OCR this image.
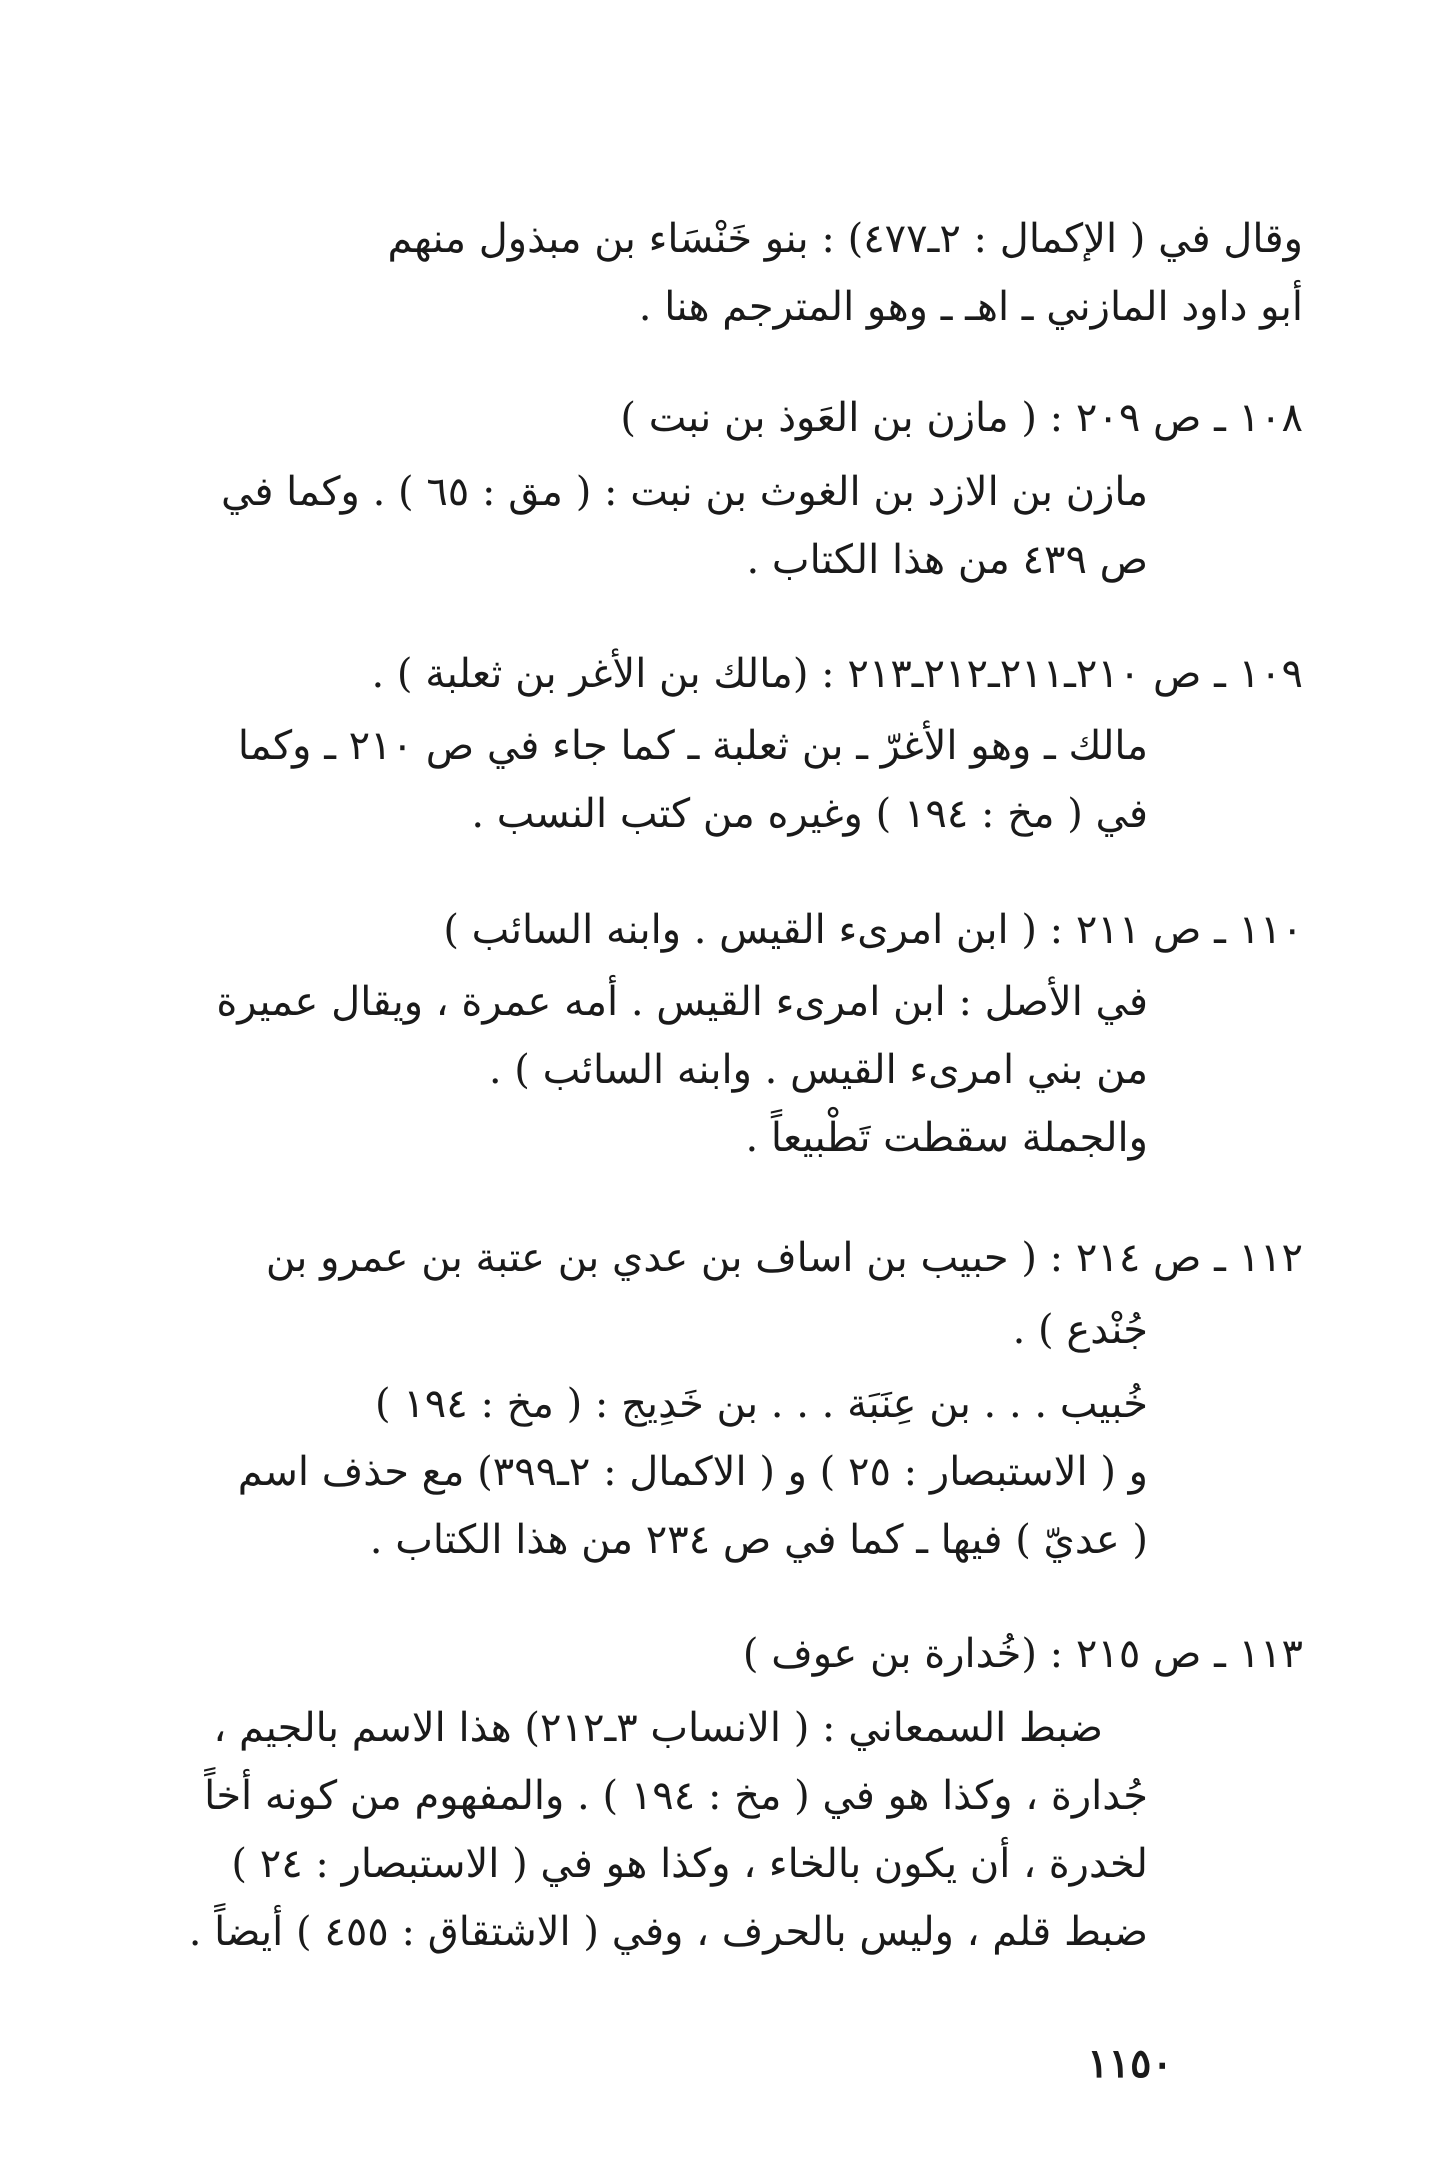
وقال في ( الإكمال : ٢ـ٤٧٧) : بنو خَنْسَاء بن مبذول منهم
أبو داود المازني ـ اهـ ـ وهو المترجم هنا .
١٠٨ ـ ص ٢٠٩ : ( مازن بن العَوذ بن نبت )
مازن بن الازد بن الغوث بن نبت : ( مق : ٦٥ ) . وكما في
ص ٤٣٩ من هذا الكتاب .
١٠٩ ـ ص ٢١٠ـ٢١١ـ٢١٢ـ٢١٣ : (مالك بن الأغر بن ثعلبة ) .
مالك ـ وهو الأغرّ ـ بن ثعلبة ـ كما جاء في ص ٢١٠ ـ وكما
في ( مخ : ١٩٤ ) وغيره من كتب النسب .
١١٠ ـ ص ٢١١ : ( ابن امرىء القيس . وابنه السائب )
في الأصل : ابن امرىء القيس . أمه عمرة ، ويقال عميرة
من بني امرىء القيس . وابنه السائب ) .
والجملة سقطت تَطْبيعاً .
١١٢ ـ ص ٢١٤ : ( حبيب بن اساف بن عدي بن عتبة بن عمرو بن
جُنْدع ) .
خُبيب . . . بن عِنَبَة . . . بن خَدِيج : ( مخ : ١٩٤ )
و ( الاستبصار : ٢٥ ) و ( الاكمال : ٢ـ٣٩٩) مع حذف اسم
( عديّ ) فيها ـ كما في ص ٢٣٤ من هذا الكتاب .
١١٣ ـ ص ٢١٥ : (خُدارة بن عوف )
ضبط السمعاني : ( الانساب ٣ـ٢١٢) هذا الاسم بالجيم ،
جُدارة ، وكذا هو في ( مخ : ١٩٤ ) . والمفهوم من كونه أخاً
لخدرة ، أن يكون بالخاء ، وكذا هو في ( الاستبصار : ٢٤ )
ضبط قلم ، وليس بالحرف ، وفي ( الاشتقاق : ٤٥٥ ) أيضاً .
١١٥٠
